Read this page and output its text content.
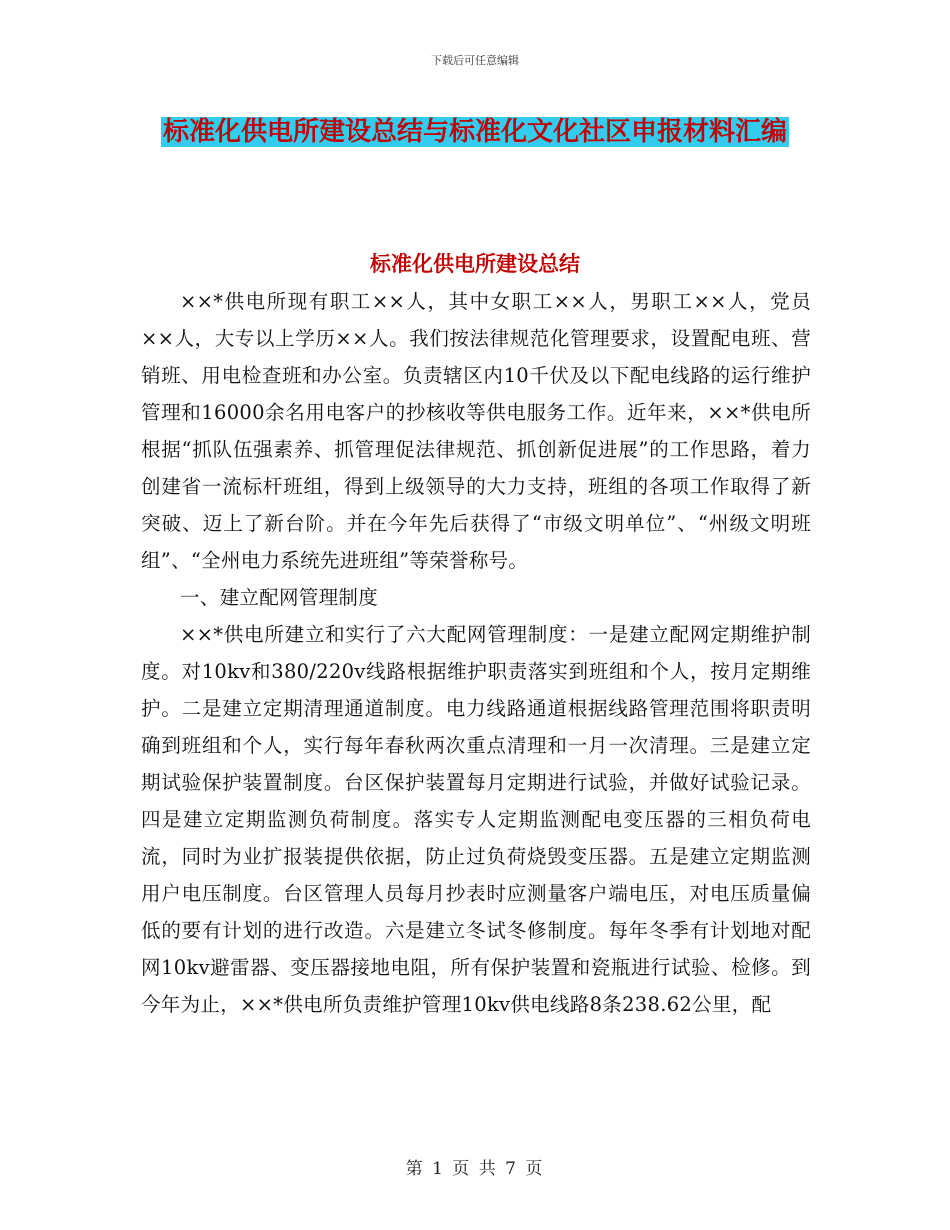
下载后可任意编辑
标准化供电所建设总结与标准化文化社区申报材料汇编
标准化供电所建设总结

××*供电所现有职工××人，其中女职工××人，男职工××人，党员××人，大专以上学历××人。我们按法律规范化管理要求，设置配电班、营销班、用电检查班和办公室。负责辖区内10千伏及以下配电线路的运行维护管理和16000余名用电客户的抄核收等供电服务工作。近年来，××*供电所根据“抓队伍强素养、抓管理促法律规范、抓创新促进展”的工作思路，着力创建省一流标杆班组，得到上级领导的大力支持，班组的各项工作取得了新突破、迈上了新台阶。并在今年先后获得了“市级文明单位”、“州级文明班组”、“全州电力系统先进班组”等荣誉称号。

一、建立配网管理制度

××*供电所建立和实行了六大配网管理制度：一是建立配网定期维护制度。对10kv和380/220v线路根据维护职责落实到班组和个人，按月定期维护。二是建立定期清理通道制度。电力线路通道根据线路管理范围将职责明确到班组和个人，实行每年春秋两次重点清理和一月一次清理。三是建立定期试验保护装置制度。台区保护装置每月定期进行试验，并做好试验记录。四是建立定期监测负荷制度。落实专人定期监测配电变压器的三相负荷电流，同时为业扩报装提供依据，防止过负荷烧毁变压器。五是建立定期监测用户电压制度。台区管理人员每月抄表时应测量客户端电压，对电压质量偏低的要有计划的进行改造。六是建立冬试冬修制度。每年冬季有计划地对配网10kv避雷器、变压器接地电阻，所有保护装置和瓷瓶进行试验、检修。到今年为止，××*供电所负责维护管理10kv供电线路8条238.62公里，配

第 1 页 共 7 页
